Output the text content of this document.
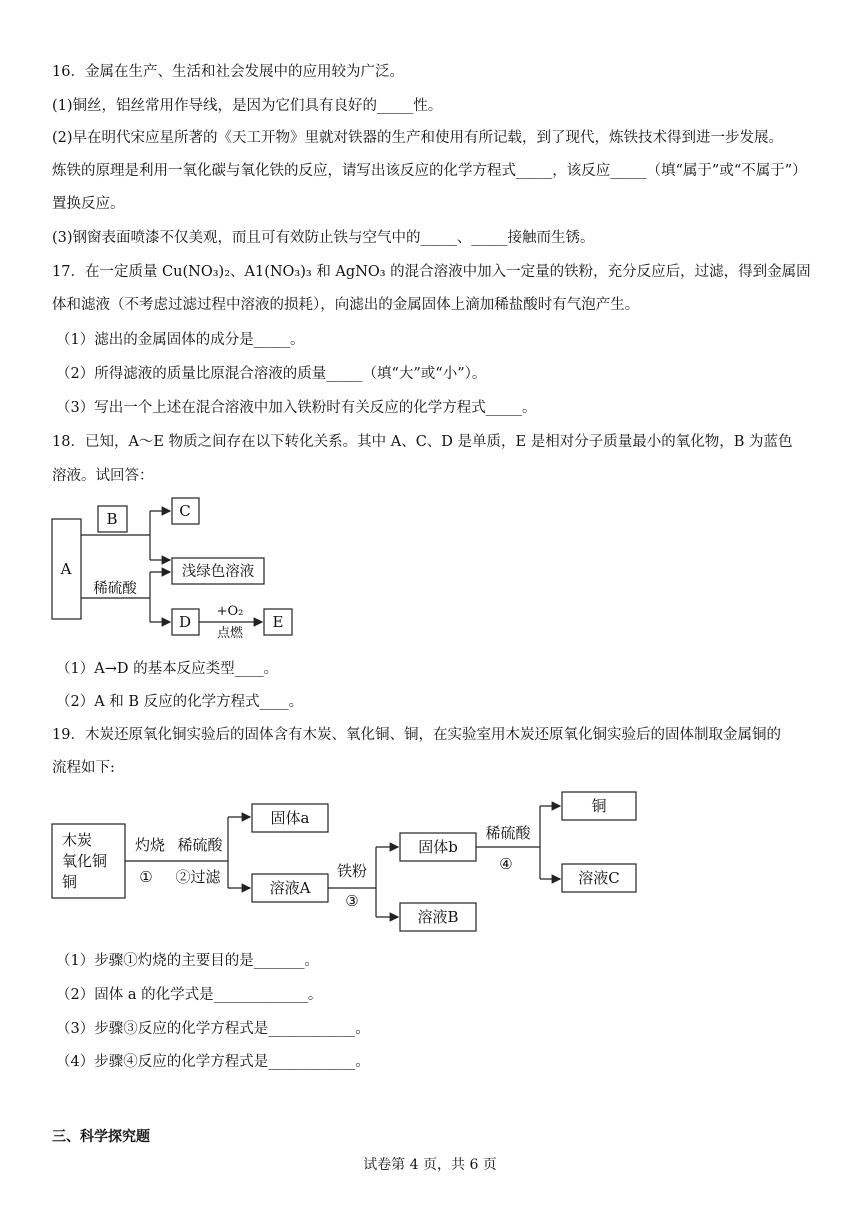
16．金属在生产、生活和社会发展中的应用较为广泛。
(1)铜丝，铝丝常用作导线，是因为它们具有良好的_____性。
(2)早在明代宋应星所著的《天工开物》里就对铁器的生产和使用有所记载，到了现代，炼铁技术得到进一步发展。
炼铁的原理是利用一氧化碳与氧化铁的反应，请写出该反应的化学方程式_____，该反应_____（填“属于”或“不属于”）
置换反应。
(3)钢窗表面喷漆不仅美观，而且可有效防止铁与空气中的_____、_____接触而生锈。
17．在一定质量 Cu(NO₃)₂、A1(NO₃)₃ 和 AgNO₃ 的混合溶液中加入一定量的铁粉，充分反应后，过滤，得到金属固
体和滤液（不考虑过滤过程中溶液的损耗），向滤出的金属固体上滴加稀盐酸时有气泡产生。
（1）滤出的金属固体的成分是_____。
（2）所得滤液的质量比原混合溶液的质量_____（填“大”或“小”）。
（3）写出一个上述在混合溶液中加入铁粉时有关反应的化学方程式_____。
18．已知，A～E 物质之间存在以下转化关系。其中 A、C、D 是单质，E 是相对分子质量最小的氧化物，B 为蓝色
溶液。试回答：
A
B	C
浅绿色溶液
稀硫酸
D
+O₂
点燃
E
木炭
氧化铜
铜
灼烧 稀硫酸
① ②过滤
固体a
溶液A
铁粉
③
固体b
溶液B
稀硫酸
④
铜
溶液C
（1）A→D 的基本反应类型____。
（2）A 和 B 反应的化学方程式____。
19．木炭还原氧化铜实验后的固体含有木炭、氧化铜、铜，在实验室用木炭还原氧化铜实验后的固体制取金属铜的
流程如下:
（1）步骤①灼烧的主要目的是_______。
（2）固体 a 的化学式是_____________。
（3）步骤③反应的化学方程式是____________。
（4）步骤④反应的化学方程式是____________。
三、科学探究题
试卷第 4 页，共 6 页
